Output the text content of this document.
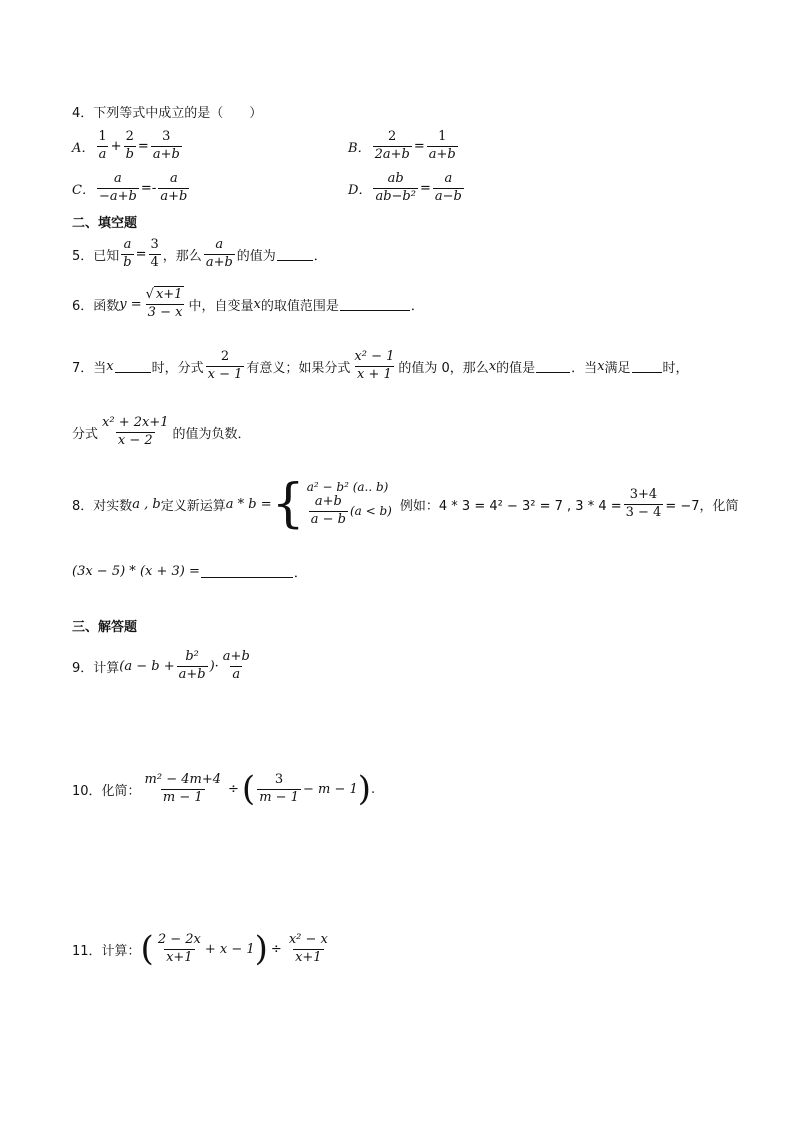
4．下列等式中成立的是（　　）
A． $\frac{1}{a} + \frac{2}{b} = \frac{3}{a+b}$	B． $\frac{2}{2a+b} = \frac{1}{a+b}$
C． $\frac{a}{-a+b} =- \frac{a}{a+b}$	D． $\frac{ab}{\text{ab−b²}} = \frac{a}{a-b}$
二、填空题
5．已知 $\frac{a}{b} = \frac{3}{4}$ ，那么 $\frac{a}{a+b}$ 的值为	．
6．函数 $y = \frac{√ x+1}{3 - x}$ 中，自变量 x 的取值范围是	．
7．当 x	时，分式 $\frac{2}{x - 1}$ 有意义；如果分式 $\frac{\text{x² − 1}}{x + 1}$ 的值为 0，那么 x 的值是	．当 x 满足 时，
分式 $\frac{\text{x² + 2x+1}}{x - 2}$ 的值为负数．
8．对实数 a , b 定义新运算 a * b = { a² − b² (a.. b)
$\frac{a+b}{a - b} (a < b)$ 例如：4 * 3 = 4² − 3² = 7 , $3 * 4 = \frac{3+4}{3 - 4} = -7$，化简
(3x − 5) * (x + 3) =	．
三、解答题
9．计算 ($a - b + \frac{\text{b²}}{a+b}$ )· $\frac{a+b}{a}$
10．化简： $\frac{\text{m² − 4m+4}}{m - 1}$ ÷ ( $\frac{3}{m - 1} - m - 1$ ) .
11．计算： ( $\frac{2 - 2x}{x+1} + x - 1$ ) ÷ $\frac{\text{x² − x}}{x+1}$
